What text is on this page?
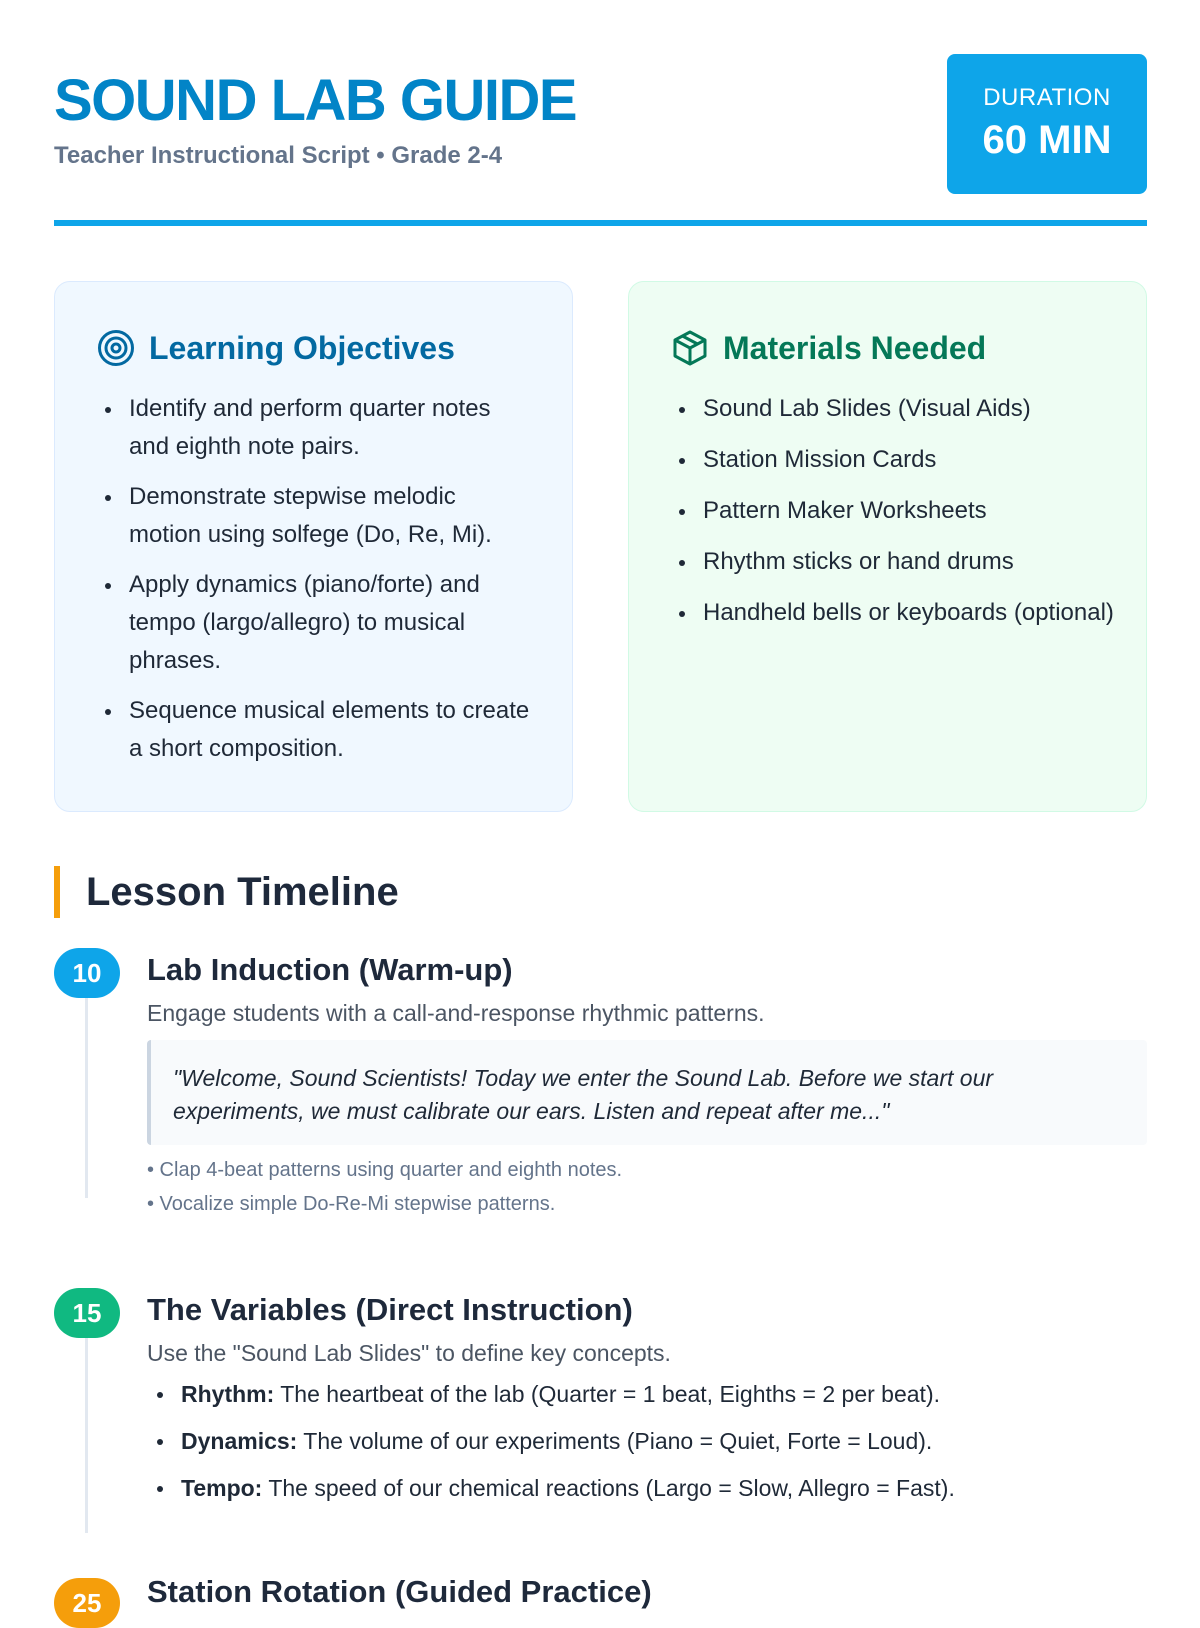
SOUND LAB GUIDE
Teacher Instructional Script • Grade 2-4
DURATION
60 MIN
Learning Objectives
Identify and perform quarter notes and eighth note pairs.
Demonstrate stepwise melodic motion using solfege (Do, Re, Mi).
Apply dynamics (piano/forte) and tempo (largo/allegro) to musical phrases.
Sequence musical elements to create a short composition.
Materials Needed
Sound Lab Slides (Visual Aids)
Station Mission Cards
Pattern Maker Worksheets
Rhythm sticks or hand drums
Handheld bells or keyboards (optional)
Lesson Timeline
10	Lab Induction (Warm-up)
Engage students with a call-and-response rhythmic patterns.
"Welcome, Sound Scientists! Today we enter the Sound Lab. Before we start our experiments, we must calibrate our ears. Listen and repeat after me..."
• Clap 4-beat patterns using quarter and eighth notes.
• Vocalize simple Do-Re-Mi stepwise patterns.
15	The Variables (Direct Instruction)
Use the "Sound Lab Slides" to define key concepts.
Rhythm: The heartbeat of the lab (Quarter = 1 beat, Eighths = 2 per beat).
Dynamics: The volume of our experiments (Piano = Quiet, Forte = Loud).
Tempo: The speed of our chemical reactions (Largo = Slow, Allegro = Fast).
25	Station Rotation (Guided Practice)
